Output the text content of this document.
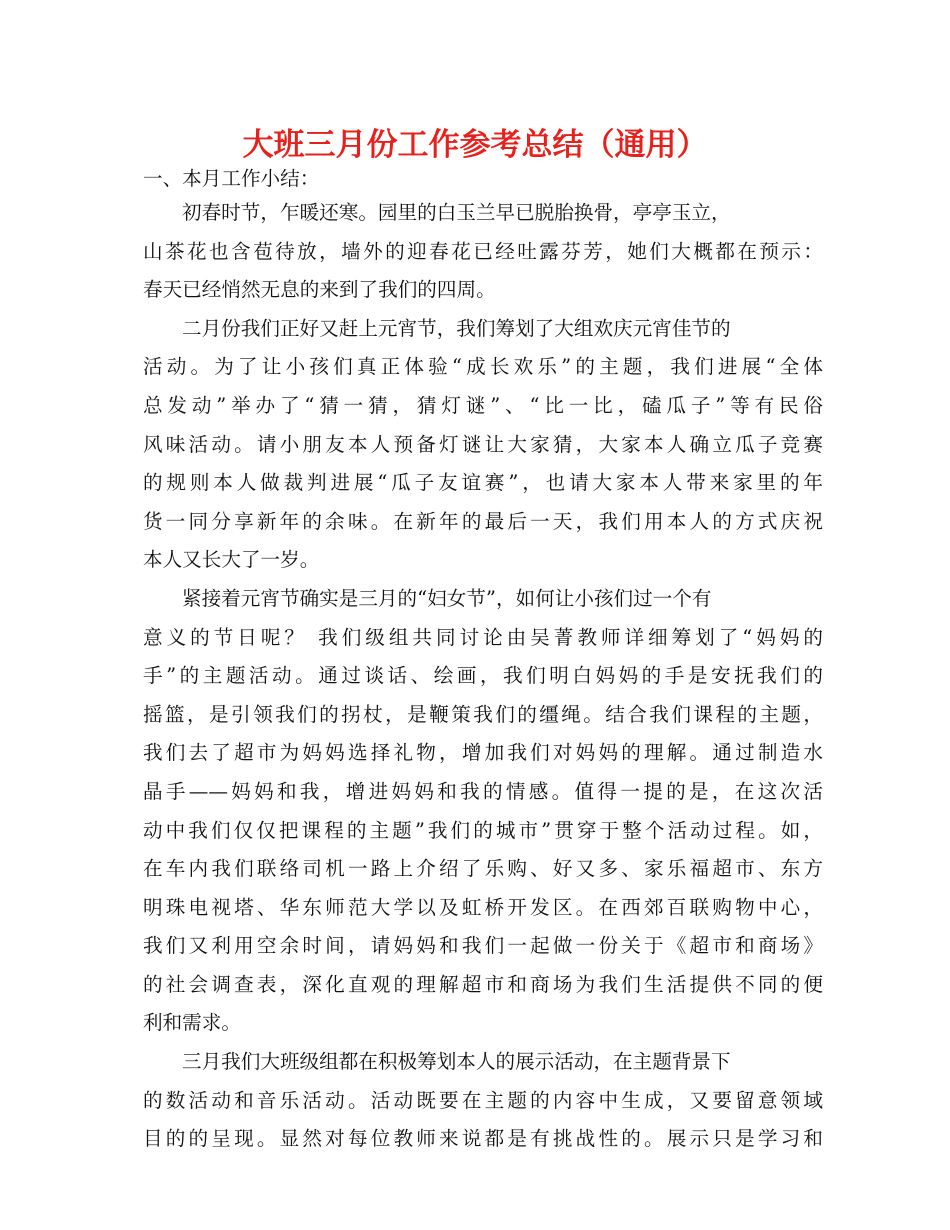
大班三月份工作参考总结（通用）
一、本月工作小结：
初春时节，乍暖还寒。园里的白玉兰早已脱胎换骨，亭亭玉立，
山茶花也含苞待放，墙外的迎春花已经吐露芬芳，她们大概都在预示：
春天已经悄然无息的来到了我们的四周。
二月份我们正好又赶上元宵节，我们筹划了大组欢庆元宵佳节的
活动。为了让小孩们真正体验“成长欢乐”的主题，我们进展“全体
总发动”举办了“猜一猜，猜灯谜”、“比一比，磕瓜子”等有民俗
风味活动。请小朋友本人预备灯谜让大家猜，大家本人确立瓜子竞赛
的规则本人做裁判进展“瓜子友谊赛”，也请大家本人带来家里的年
货一同分享新年的余味。在新年的最后一天，我们用本人的方式庆祝
本人又长大了一岁。
紧接着元宵节确实是三月的“妇女节”，如何让小孩们过一个有
意义的节日呢？ 我们级组共同讨论由吴菁教师详细筹划了“妈妈的
手”的主题活动。通过谈话、绘画，我们明白妈妈的手是安抚我们的
摇篮，是引领我们的拐杖，是鞭策我们的缰绳。结合我们课程的主题，
我们去了超市为妈妈选择礼物，增加我们对妈妈的理解。通过制造水
晶手——妈妈和我，增进妈妈和我的情感。值得一提的是，在这次活
动中我们仅仅把课程的主题”我们的城市”贯穿于整个活动过程。如，
在车内我们联络司机一路上介绍了乐购、好又多、家乐福超市、东方
明珠电视塔、华东师范大学以及虹桥开发区。在西郊百联购物中心，
我们又利用空余时间，请妈妈和我们一起做一份关于《超市和商场》
的社会调查表，深化直观的理解超市和商场为我们生活提供不同的便
利和需求。
三月我们大班级组都在积极筹划本人的展示活动，在主题背景下
的数活动和音乐活动。活动既要在主题的内容中生成，又要留意领域
目的的呈现。显然对每位教师来说都是有挑战性的。展示只是学习和
